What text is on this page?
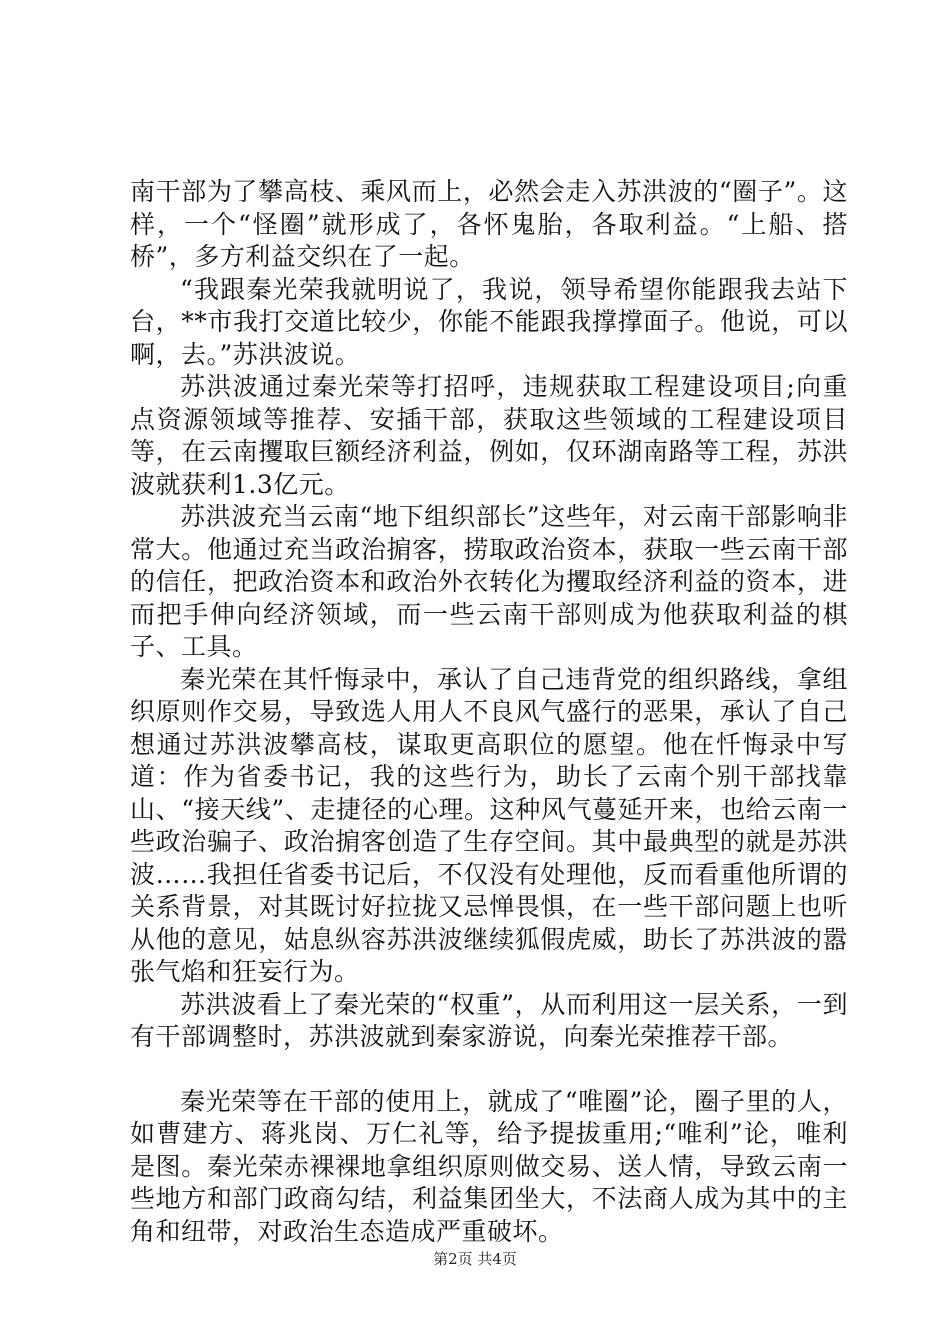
南干部为了攀高枝、乘风而上，必然会走入苏洪波的“圈子”。这样，一个“怪圈”就形成了，各怀鬼胎，各取利益。“上船、搭桥”，多方利益交织在了一起。

“我跟秦光荣我就明说了，我说，领导希望你能跟我去站下台，**市我打交道比较少，你能不能跟我撑撑面子。他说，可以啊，去。”苏洪波说。

苏洪波通过秦光荣等打招呼，违规获取工程建设项目;向重点资源领域等推荐、安插干部，获取这些领域的工程建设项目等，在云南攫取巨额经济利益，例如，仅环湖南路等工程，苏洪波就获利1.3亿元。

苏洪波充当云南“地下组织部长”这些年，对云南干部影响非常大。他通过充当政治掮客，捞取政治资本，获取一些云南干部的信任，把政治资本和政治外衣转化为攫取经济利益的资本，进而把手伸向经济领域，而一些云南干部则成为他获取利益的棋子、工具。

秦光荣在其忏悔录中，承认了自己违背党的组织路线，拿组织原则作交易，导致选人用人不良风气盛行的恶果，承认了自己想通过苏洪波攀高枝，谋取更高职位的愿望。他在忏悔录中写道：作为省委书记，我的这些行为，助长了云南个别干部找靠山、“接天线”、走捷径的心理。这种风气蔓延开来，也给云南一些政治骗子、政治掮客创造了生存空间。其中最典型的就是苏洪波……我担任省委书记后，不仅没有处理他，反而看重他所谓的关系背景，对其既讨好拉拢又忌惮畏惧，在一些干部问题上也听从他的意见，姑息纵容苏洪波继续狐假虎威，助长了苏洪波的嚣张气焰和狂妄行为。

苏洪波看上了秦光荣的“权重”，从而利用这一层关系，一到有干部调整时，苏洪波就到秦家游说，向秦光荣推荐干部。

秦光荣等在干部的使用上，就成了“唯圈”论，圈子里的人，如曹建方、蒋兆岗、万仁礼等，给予提拔重用;“唯利”论，唯利是图。秦光荣赤裸裸地拿组织原则做交易、送人情，导致云南一些地方和部门政商勾结，利益集团坐大，不法商人成为其中的主角和纽带，对政治生态造成严重破坏。

第2页 共4页
